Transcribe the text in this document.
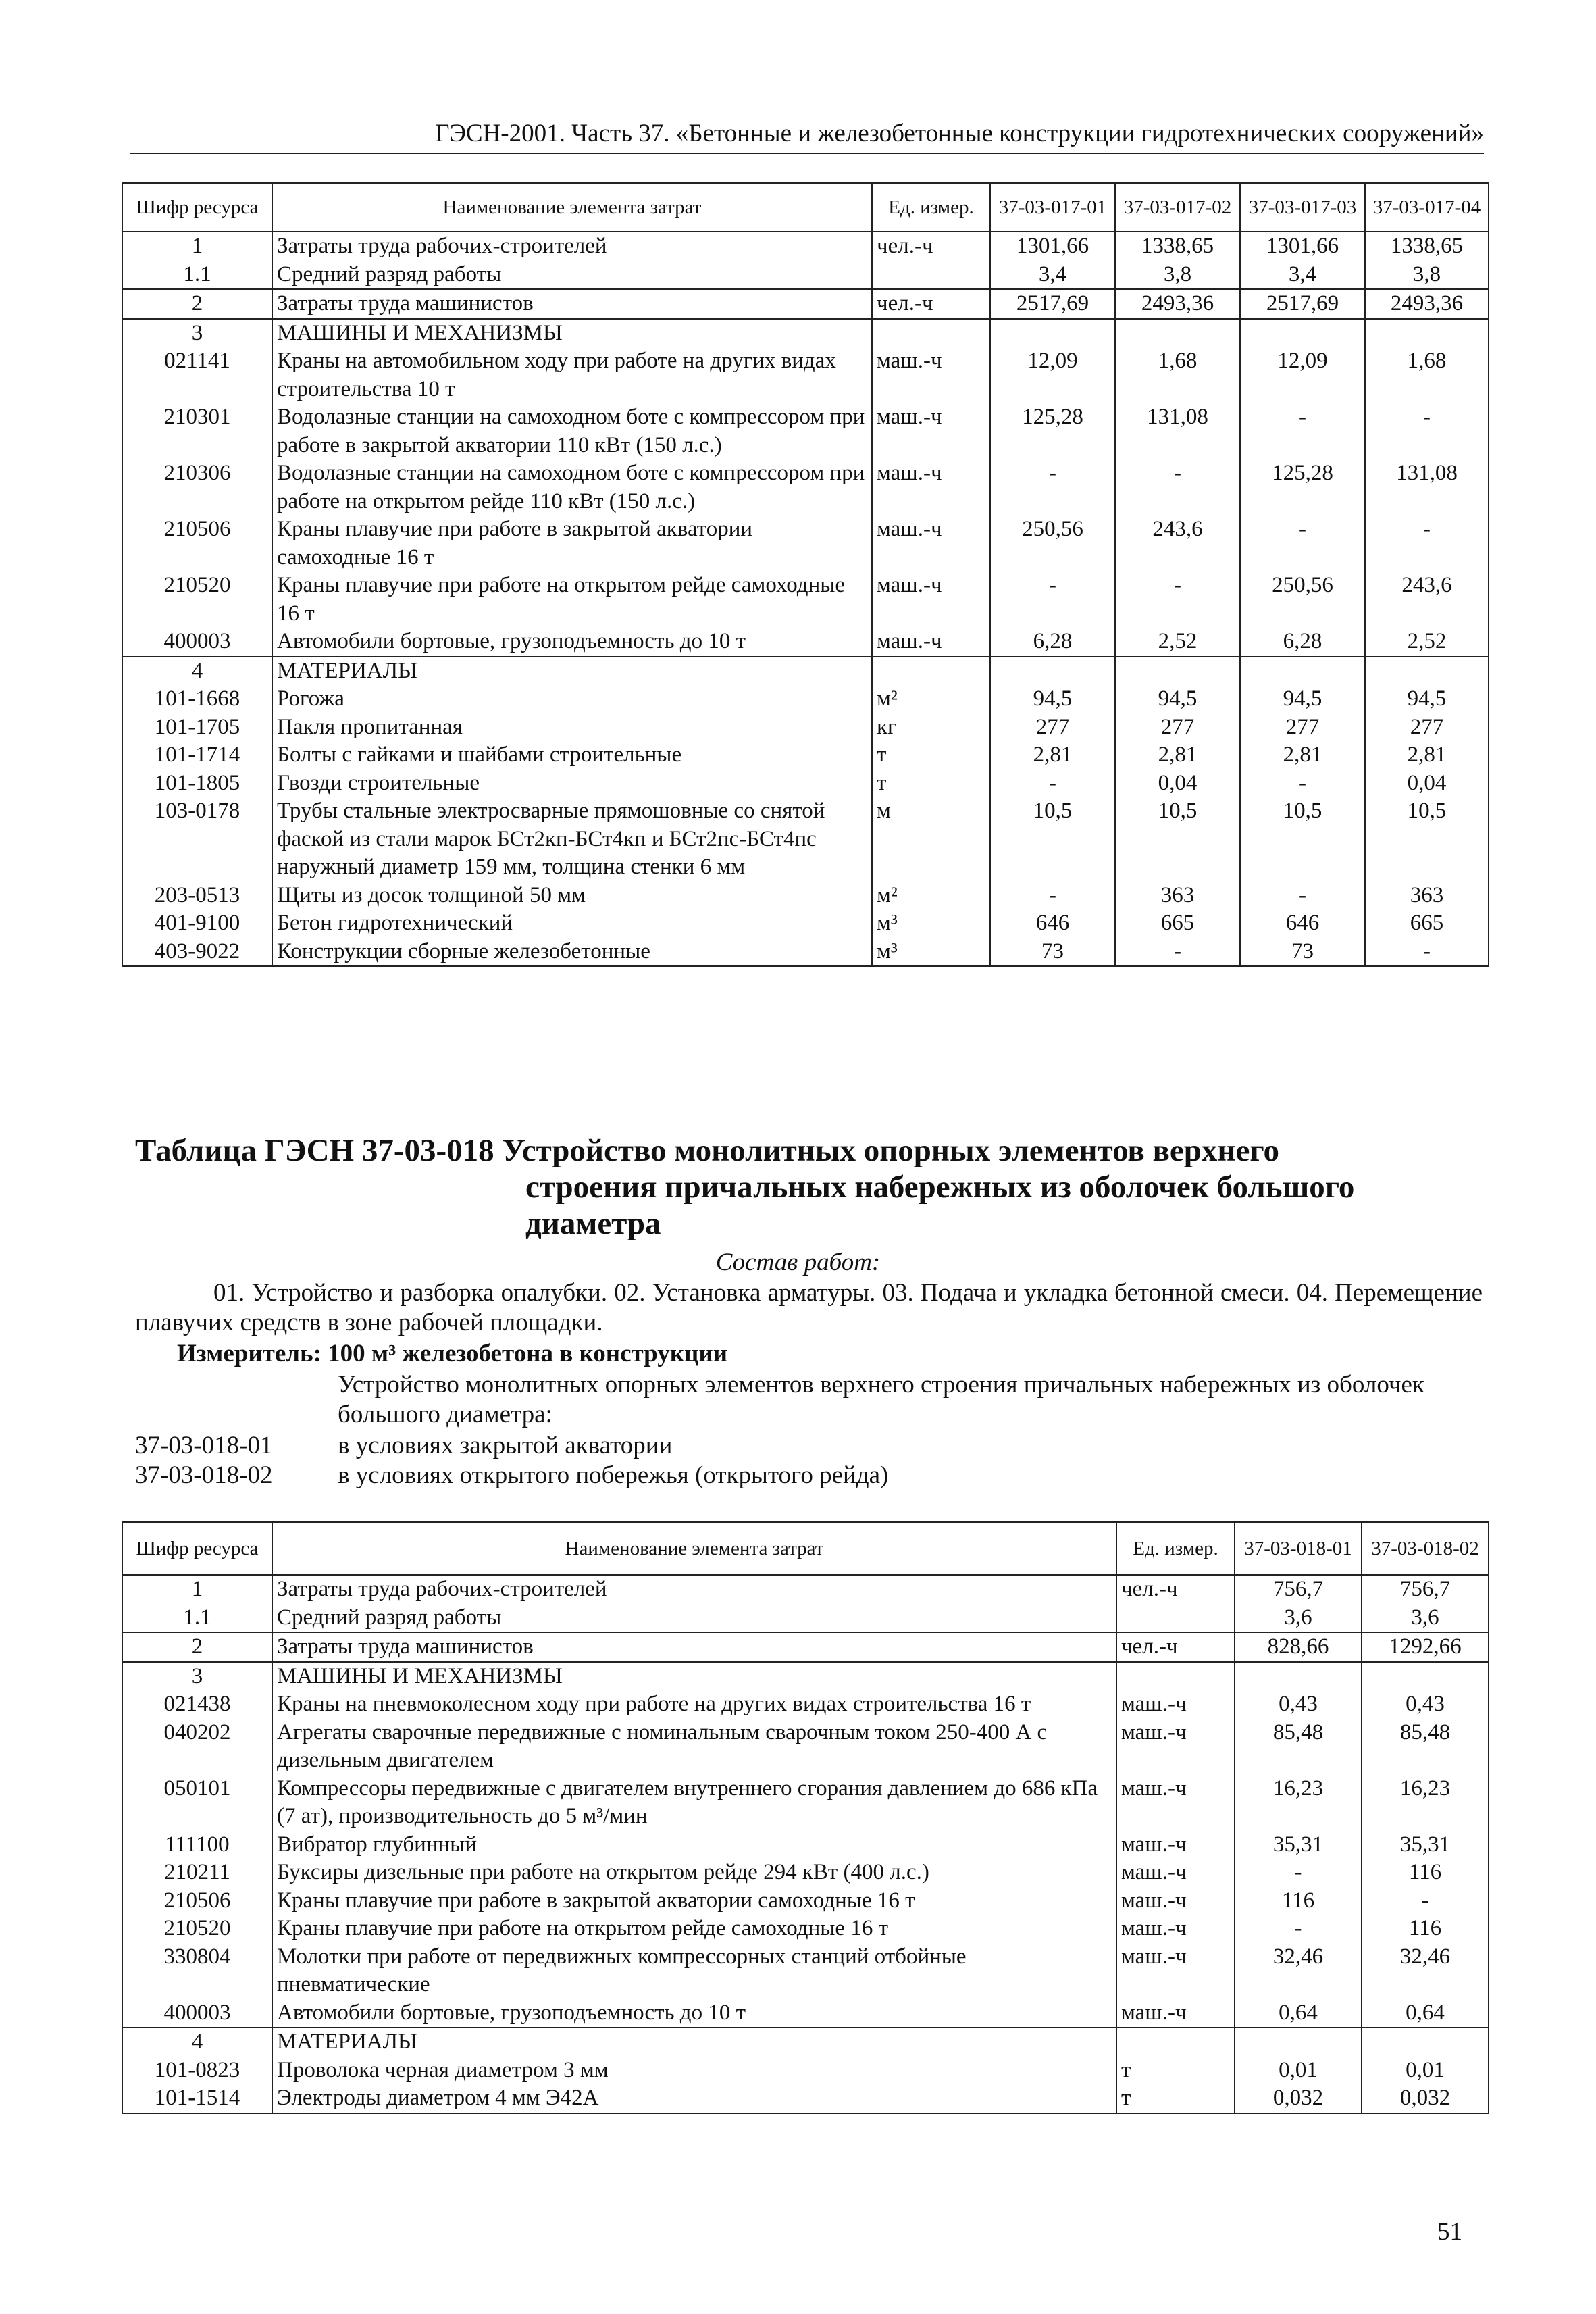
ГЭСН-2001. Часть 37. «Бетонные и железобетонные конструкции гидротехнических сооружений»
Шифр ресурса	Наименование элемента затрат	Ед. измер.	37-03-017-01	37-03-017-02	37-03-017-03	37-03-017-04
1	Затраты труда рабочих-строителей	чел.-ч	1301,66	1338,65	1301,66	1338,65
1.1	Средний разряд работы		3,4	3,8	3,4	3,8
2	Затраты труда машинистов	чел.-ч	2517,69	2493,36	2517,69	2493,36
3	МАШИНЫ И МЕХАНИЗМЫ					
021141	Краны на автомобильном ходу при работе на других видах строительства 10 т	маш.-ч	12,09	1,68	12,09	1,68
210301	Водолазные станции на самоходном боте с компрессором при работе в закрытой акватории 110 кВт (150 л.с.)	маш.-ч	125,28	131,08	-	-
210306	Водолазные станции на самоходном боте с компрессором при работе на открытом рейде 110 кВт (150 л.с.)	маш.-ч	-	-	125,28	131,08
210506	Краны плавучие при работе в закрытой акватории самоходные 16 т	маш.-ч	250,56	243,6	-	-
210520	Краны плавучие при работе на открытом рейде самоходные 16 т	маш.-ч	-	-	250,56	243,6
400003	Автомобили бортовые, грузоподъемность до 10 т	маш.-ч	6,28	2,52	6,28	2,52
4	МАТЕРИАЛЫ					
101-1668	Рогожа	м²	94,5	94,5	94,5	94,5
101-1705	Пакля пропитанная	кг	277	277	277	277
101-1714	Болты с гайками и шайбами строительные	т	2,81	2,81	2,81	2,81
101-1805	Гвозди строительные	т	-	0,04	-	0,04
103-0178	Трубы стальные электросварные прямошовные со снятой фаской из стали марок БСт2кп-БСт4кп и БСт2пс-БСт4пс наружный диаметр 159 мм, толщина стенки 6 мм	м	10,5	10,5	10,5	10,5
203-0513	Щиты из досок толщиной 50 мм	м²	-	363	-	363
401-9100	Бетон гидротехнический	м³	646	665	646	665
403-9022	Конструкции сборные железобетонные	м³	73	-	73	-
Таблица ГЭСН 37-03-018 Устройство монолитных опорных элементов верхнего
строения причальных набережных из оболочек большого диаметра
Состав работ:
01. Устройство и разборка опалубки. 02. Установка арматуры. 03. Подача и укладка бетонной смеси. 04. Перемещение плавучих средств в зоне рабочей площадки.
Измеритель: 100 м³ железобетона в конструкции
Устройство монолитных опорных элементов верхнего строения причальных набережных из оболочек большого диаметра:
37-03-018-01	в условиях закрытой акватории
37-03-018-02	в условиях открытого побережья (открытого рейда)
Шифр ресурса	Наименование элемента затрат	Ед. измер.	37-03-018-01	37-03-018-02
1	Затраты труда рабочих-строителей	чел.-ч	756,7	756,7
1.1	Средний разряд работы		3,6	3,6
2	Затраты труда машинистов	чел.-ч	828,66	1292,66
3	МАШИНЫ И МЕХАНИЗМЫ			
021438	Краны на пневмоколесном ходу при работе на других видах строительства 16 т	маш.-ч	0,43	0,43
040202	Агрегаты сварочные передвижные с номинальным сварочным током 250-400 А с дизельным двигателем	маш.-ч	85,48	85,48
050101	Компрессоры передвижные с двигателем внутреннего сгорания давлением до 686 кПа (7 ат), производительность до 5 м³/мин	маш.-ч	16,23	16,23
111100	Вибратор глубинный	маш.-ч	35,31	35,31
210211	Буксиры дизельные при работе на открытом рейде 294 кВт (400 л.с.)	маш.-ч	-	116
210506	Краны плавучие при работе в закрытой акватории самоходные 16 т	маш.-ч	116	-
210520	Краны плавучие при работе на открытом рейде самоходные 16 т	маш.-ч	-	116
330804	Молотки при работе от передвижных компрессорных станций отбойные пневматические	маш.-ч	32,46	32,46
400003	Автомобили бортовые, грузоподъемность до 10 т	маш.-ч	0,64	0,64
4	МАТЕРИАЛЫ			
101-0823	Проволока черная диаметром 3 мм	т	0,01	0,01
101-1514	Электроды диаметром 4 мм Э42А	т	0,032	0,032
51
